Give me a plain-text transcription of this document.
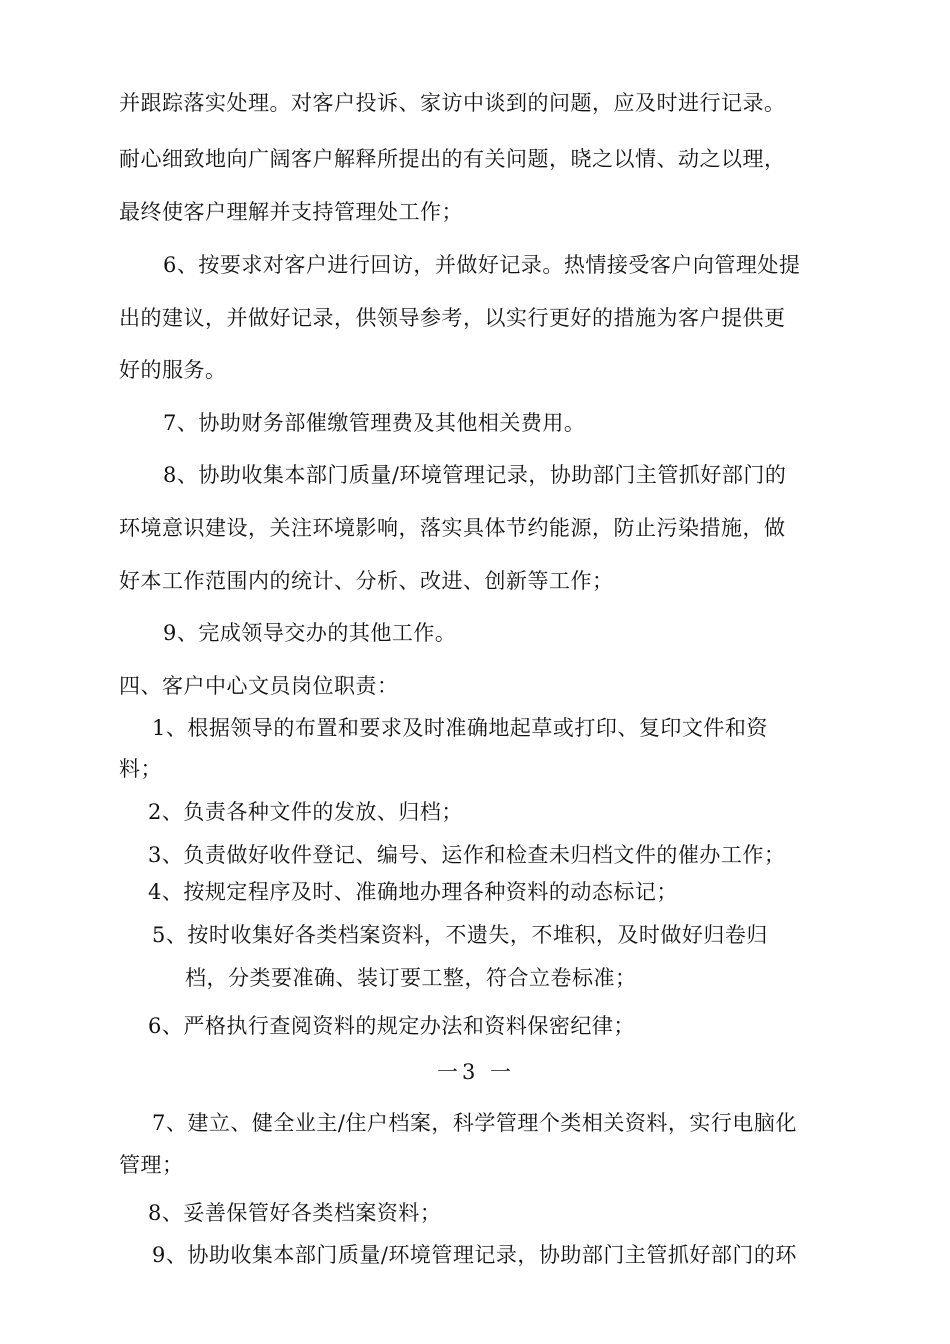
并跟踪落实处理。对客户投诉、家访中谈到的问题，应及时进行记录。
耐心细致地向广阔客户解释所提出的有关问题，晓之以情、动之以理，
最终使客户理解并支持管理处工作；
6、按要求对客户进行回访，并做好记录。热情接受客户向管理处提
出的建议，并做好记录，供领导参考，以实行更好的措施为客户提供更
好的服务。
7、协助财务部催缴管理费及其他相关费用。
8、协助收集本部门质量/环境管理记录，协助部门主管抓好部门的
环境意识建设，关注环境影响，落实具体节约能源，防止污染措施，做
好本工作范围内的统计、分析、改进、创新等工作；
9、完成领导交办的其他工作。
四、客户中心文员岗位职责：
1、根据领导的布置和要求及时准确地起草或打印、复印文件和资
料；
2、负责各种文件的发放、归档；
3、负责做好收件登记、编号、运作和检查未归档文件的催办工作；
4、按规定程序及时、准确地办理各种资料的动态标记；
5、按时收集好各类档案资料，不遗失，不堆积，及时做好归卷归
档，分类要准确、装订要工整，符合立卷标准；
6、严格执行查阅资料的规定办法和资料保密纪律；
一3 一
7、建立、健全业主/住户档案，科学管理个类相关资料，实行电脑化
管理；
8、妥善保管好各类档案资料；
9、协助收集本部门质量/环境管理记录，协助部门主管抓好部门的环
